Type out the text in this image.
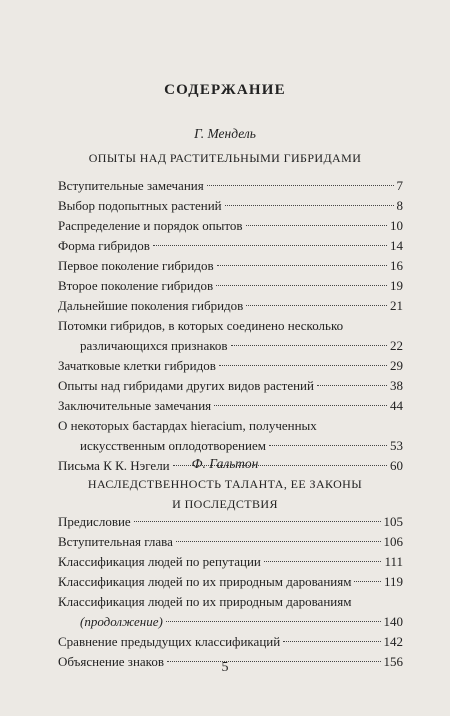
СОДЕРЖАНИЕ
Г. Мендель
ОПЫТЫ НАД РАСТИТЕЛЬНЫМИ ГИБРИДАМИ
Вступительные замечания	7
Выбор подопытных растений	8
Распределение и порядок опытов	10
Форма гибридов	14
Первое поколение гибридов	16
Второе поколение гибридов	19
Дальнейшие поколения гибридов	21
Потомки гибридов, в которых соединено несколько
различающихся признаков	22
Зачатковые клетки гибридов	29
Опыты над гибридами других видов растений	38
Заключительные замечания	44
О некоторых бастардах hieracium, полученных
искусственным оплодотворением	53
Письма К К. Нэгели	60
Ф. Гальтон
НАСЛЕДСТВЕННОСТЬ ТАЛАНТА, ЕЕ ЗАКОНЫ
И ПОСЛЕДСТВИЯ
Предисловие	105
Вступительная глава	106
Классификация людей по репутации	111
Классификация людей по их природным дарованиям	119
Классификация людей по их природным дарованиям
(продолжение)	140
Сравнение предыдущих классификаций	142
Объяснение знаков	156
5
